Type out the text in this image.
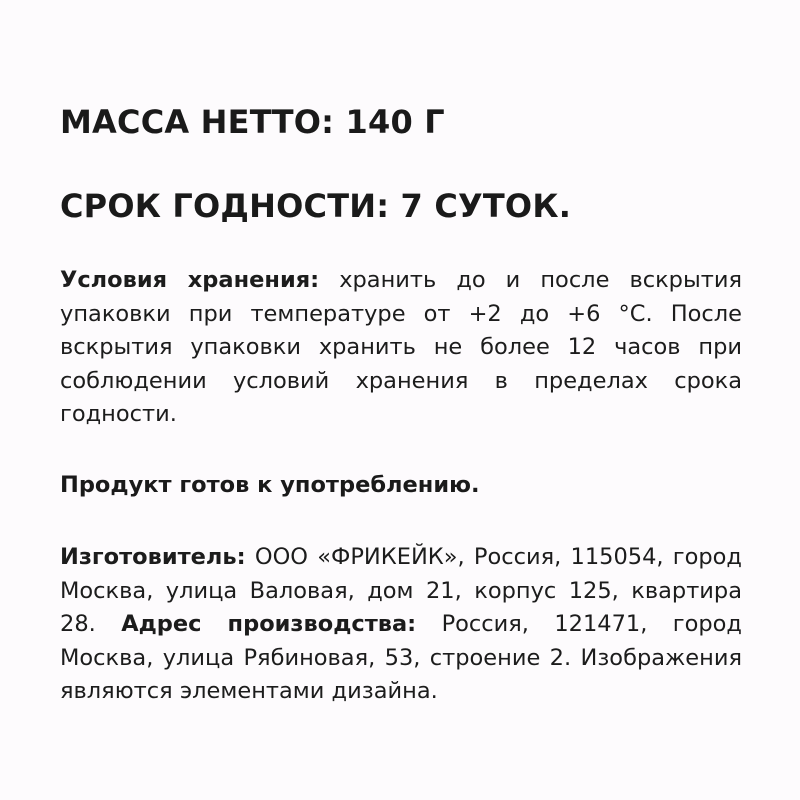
МАССА НЕТТО: 140 Г
СРОК ГОДНОСТИ: 7 СУТОК.
Условия хранения: хранить до и после вскрытия упаковки при температуре от +2 до +6 °С. После вскрытия упаковки хранить не более 12 часов при соблюдении условий хранения в пределах срока годности.
Продукт готов к употреблению.
Изготовитель: ООО «ФРИКЕЙК», Россия, 115054, город Москва, улица Валовая, дом 21, корпус 125, квартира 28. Адрес производства: Россия, 121471, город Москва, улица Рябиновая, 53, строение 2. Изображения являются элементами дизайна.
